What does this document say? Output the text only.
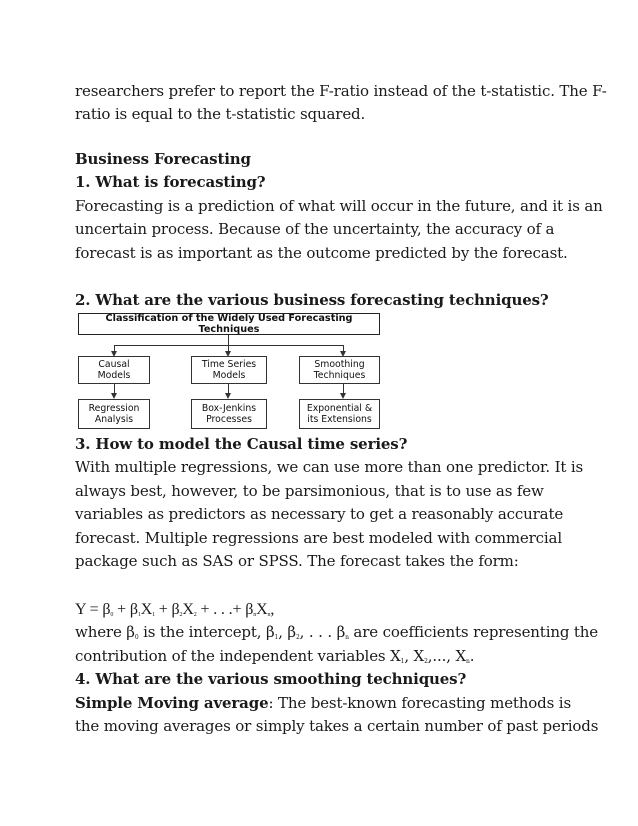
researchers prefer to report the F-ratio instead of the t-statistic. The F-
ratio is equal to the t-statistic squared.
Business Forecasting
1. What is forecasting?
Forecasting is a prediction of what will occur in the future, and it is an
uncertain process. Because of the uncertainty, the accuracy of a
forecast is as important as the outcome predicted by the forecast.
2. What are the various business forecasting techniques?
Classification of the Widely Used Forecasting Techniques
Causal
Models
Time Series
Models
Smoothing
Techniques
Regression
Analysis
Box-Jenkins
Processes
Exponential &
its Extensions
3. How to model the Causal time series?
With multiple regressions, we can use more than one predictor. It is
always best, however, to be parsimonious, that is to use as few
variables as predictors as necessary to get a reasonably accurate
forecast. Multiple regressions are best modeled with commercial
package such as SAS or SPSS. The forecast takes the form:
$Y = \beta_0 + \beta_1X_1 + \beta_2X_2$ + . . .+ $\beta_nX_n$,
where $\beta_0$ is the intercept, $\beta_1$, $\beta_2$, . . . $\beta_n$ are coefficients representing the
contribution of the independent variables $X_1$, $X_2$,..., $X_n$.
4. What are the various smoothing techniques?
Simple Moving average: The best-known forecasting methods is
the moving averages or simply takes a certain number of past periods
